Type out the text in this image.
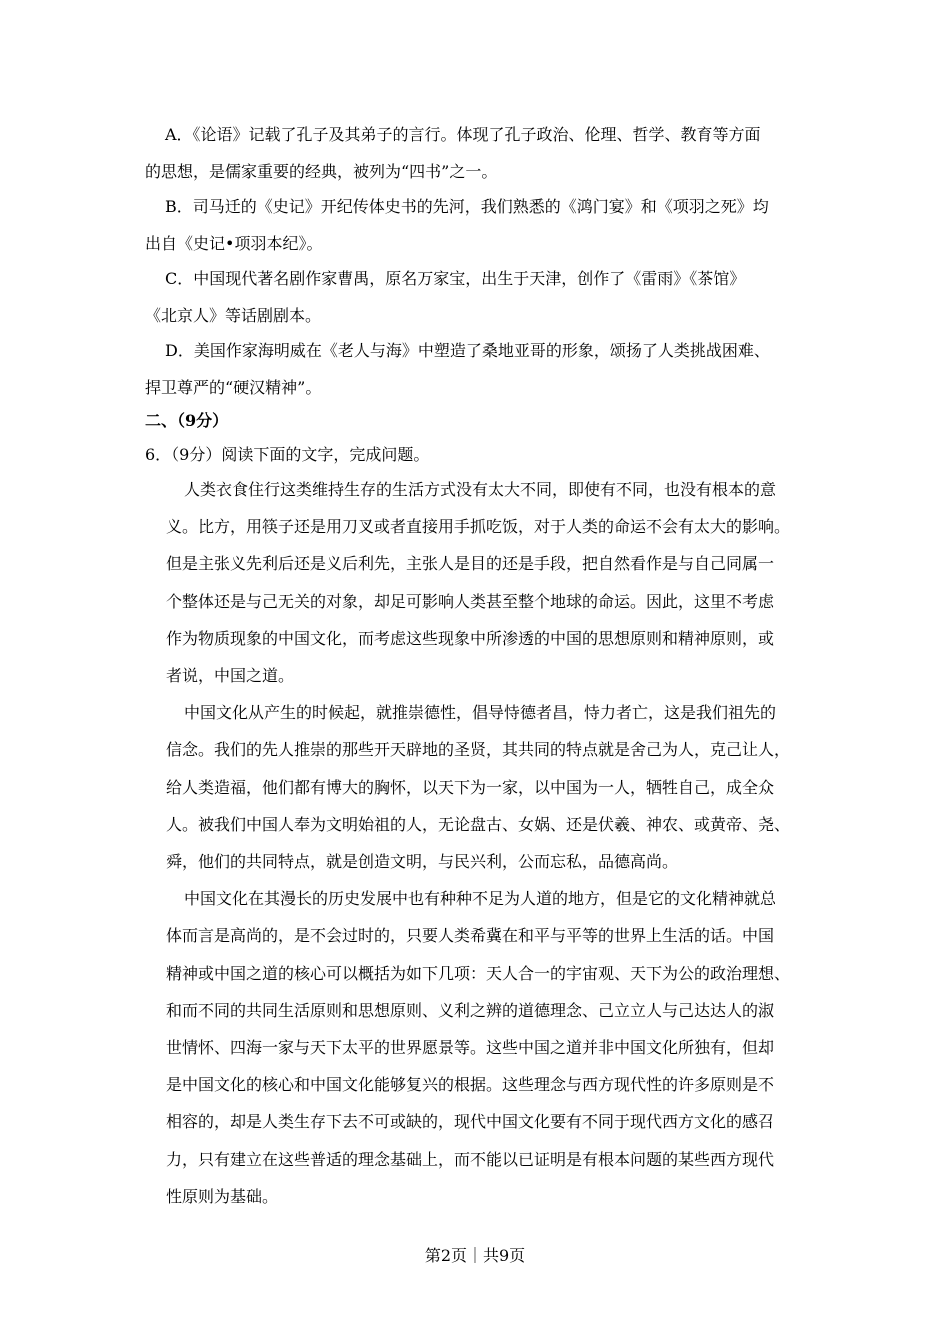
A．《论语》记载了孔子及其弟子的言行。体现了孔子政治、伦理、哲学、教育等方面
的思想，是儒家重要的经典，被列为“四书”之一。
B．司马迁的《史记》开纪传体史书的先河，我们熟悉的《鸿门宴》和《项羽之死》均
出自《史记•项羽本纪》。
C．中国现代著名剧作家曹禺，原名万家宝，出生于天津，创作了《雷雨》《茶馆》
《北京人》等话剧剧本。
D．美国作家海明威在《老人与海》中塑造了桑地亚哥的形象，颂扬了人类挑战困难、
捍卫尊严的“硬汉精神”。
二、（9分）
6．（9分）阅读下面的文字，完成问题。
人类衣食住行这类维持生存的生活方式没有太大不同，即使有不同，也没有根本的意
义。比方，用筷子还是用刀叉或者直接用手抓吃饭，对于人类的命运不会有太大的影响。
但是主张义先利后还是义后利先，主张人是目的还是手段，把自然看作是与自己同属一
个整体还是与己无关的对象，却足可影响人类甚至整个地球的命运。因此，这里不考虑
作为物质现象的中国文化，而考虑这些现象中所渗透的中国的思想原则和精神原则，或
者说，中国之道。
中国文化从产生的时候起，就推崇德性，倡导恃德者昌，恃力者亡，这是我们祖先的
信念。我们的先人推崇的那些开天辟地的圣贤，其共同的特点就是舍己为人，克己让人，
给人类造福，他们都有博大的胸怀，以天下为一家，以中国为一人，牺牲自己，成全众
人。被我们中国人奉为文明始祖的人，无论盘古、女娲、还是伏羲、神农、或黄帝、尧、
舜，他们的共同特点，就是创造文明，与民兴利，公而忘私，品德高尚。
中国文化在其漫长的历史发展中也有种种不足为人道的地方，但是它的文化精神就总
体而言是高尚的，是不会过时的，只要人类希冀在和平与平等的世界上生活的话。中国
精神或中国之道的核心可以概括为如下几项：天人合一的宇宙观、天下为公的政治理想、
和而不同的共同生活原则和思想原则、义利之辨的道德理念、己立立人与己达达人的淑
世情怀、四海一家与天下太平的世界愿景等。这些中国之道并非中国文化所独有，但却
是中国文化的核心和中国文化能够复兴的根据。这些理念与西方现代性的许多原则是不
相容的，却是人类生存下去不可或缺的，现代中国文化要有不同于现代西方文化的感召
力，只有建立在这些普适的理念基础上，而不能以已证明是有根本问题的某些西方现代
性原则为基础。
第2页｜共9页
